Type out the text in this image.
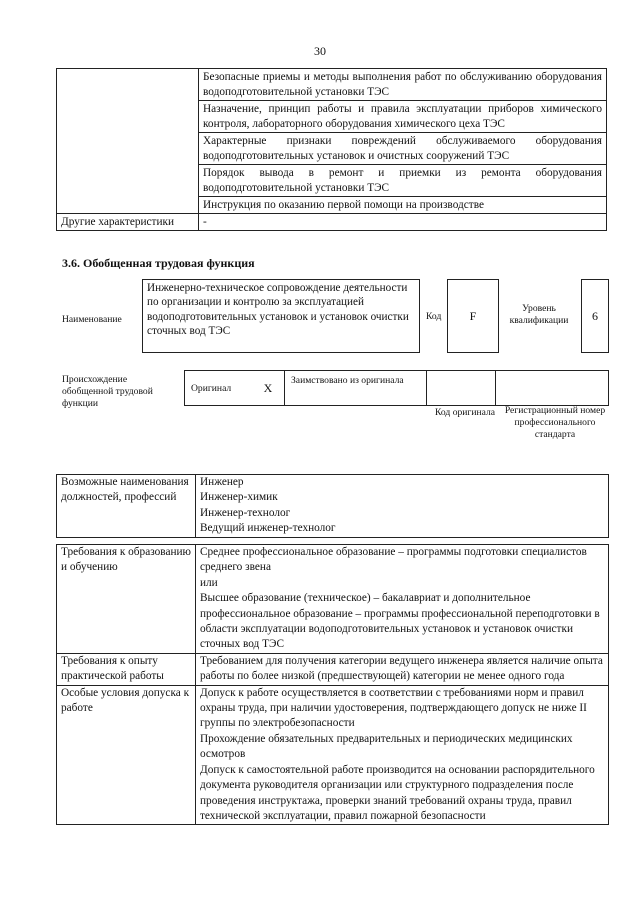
30
	Безопасные приемы и методы выполнения работ по обслуживанию оборудования водоподготовительной установки ТЭС
	Назначение, принцип работы и правила эксплуатации приборов химического контроля, лабораторного оборудования химического цеха ТЭС
	Характерные признаки повреждений обслуживаемого оборудования водоподготовительных установок и очистных сооружений ТЭС
	Порядок вывода в ремонт и приемки из ремонта оборудования водоподготовительной установки ТЭС
	Инструкция по оказанию первой помощи на производстве
Другие характеристики	-
3.6. Обобщенная трудовая функция
Наименование
Инженерно-техническое сопровождение деятельности по организации и контролю за эксплуатацией водоподготовительных установок и установок очистки сточных вод ТЭС
Код	F
Уровень квалификации	6
Происхождение обобщенной трудовой функции
Оригинал	X	Заимствовано из оригинала		
Код оригинала	Регистрационный номер профессионального стандарта
Возможные наименования должностей, профессий	
Инженер
Инженер-химик
Инженер-технолог
Ведущий инженер-технолог
Требования к образованию и обучению	Среднее профессиональное образование – программы подготовки специалистов среднего звена
или
Высшее образование (техническое) – бакалавриат и дополнительное профессиональное образование – программы профессиональной переподготовки в области эксплуатации водоподготовительных установок и установок очистки сточных вод ТЭС

Требования к опыту практической работы	Требованием для получения категории ведущего инженера является наличие опыта работы по более низкой (предшествующей) категории не менее одного года

Особые условия допуска к работе	Допуск к работе осуществляется в соответствии с требованиями норм и правил охраны труда, при наличии удостоверения, подтверждающего допуск не ниже II группы по электробезопасности
Прохождение обязательных предварительных и периодических медицинских осмотров
Допуск к самостоятельной работе производится на основании распорядительного документа руководителя организации или структурного подразделения после проведения инструктажа, проверки знаний требований охраны труда, правил технической эксплуатации, правил пожарной безопасности
